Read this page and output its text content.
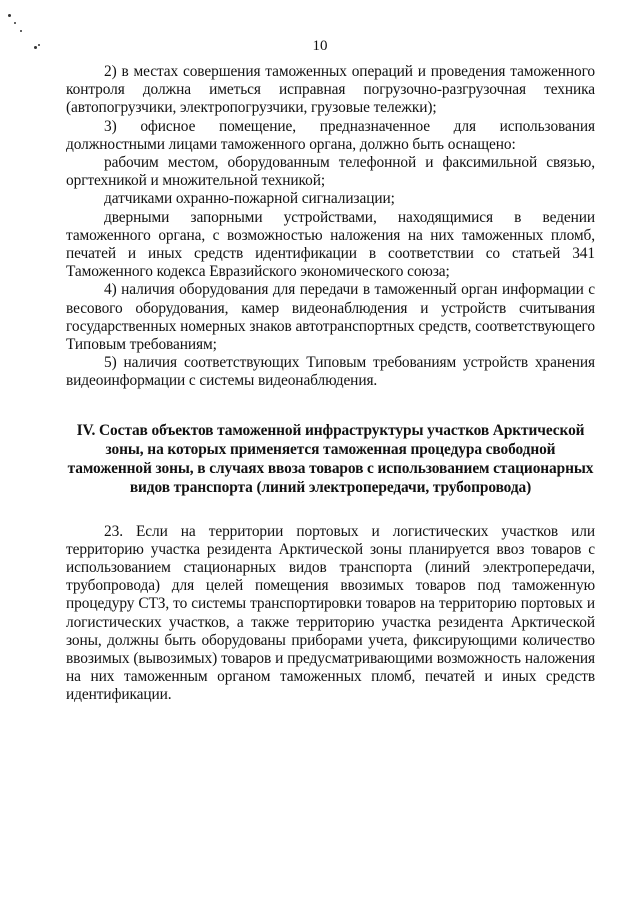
10

2) в местах совершения таможенных операций и проведения таможенного контроля должна иметься исправная погрузочно-разгрузочная техника (автопогрузчики, электропогрузчики, грузовые тележки);

3) офисное помещение, предназначенное для использования должностными лицами таможенного органа, должно быть оснащено:

рабочим местом, оборудованным телефонной и факсимильной связью, оргтехникой и множительной техникой;

датчиками охранно-пожарной сигнализации;

дверными запорными устройствами, находящимися в ведении таможенного органа, с возможностью наложения на них таможенных пломб, печатей и иных средств идентификации в соответствии со статьей 341 Таможенного кодекса Евразийского экономического союза;

4) наличия оборудования для передачи в таможенный орган информации с весового оборудования, камер видеонаблюдения и устройств считывания государственных номерных знаков автотранспортных средств, соответствующего Типовым требованиям;

5) наличия соответствующих Типовым требованиям устройств хранения видеоинформации с системы видеонаблюдения.

IV. Состав объектов таможенной инфраструктуры участков Арктической
зоны, на которых применяется таможенная процедура свободной
таможенной зоны, в случаях ввоза товаров с использованием стационарных
видов транспорта (линий электропередачи, трубопровода)

23. Если на территории портовых и логистических участков или территорию участка резидента Арктической зоны планируется ввоз товаров с использованием стационарных видов транспорта (линий электропередачи, трубопровода) для целей помещения ввозимых товаров под таможенную процедуру СТЗ, то системы транспортировки товаров на территорию портовых и логистических участков, а также территорию участка резидента Арктической зоны, должны быть оборудованы приборами учета, фиксирующими количество ввозимых (вывозимых) товаров и предусматривающими возможность наложения на них таможенным органом таможенных пломб, печатей и иных средств идентификации.
